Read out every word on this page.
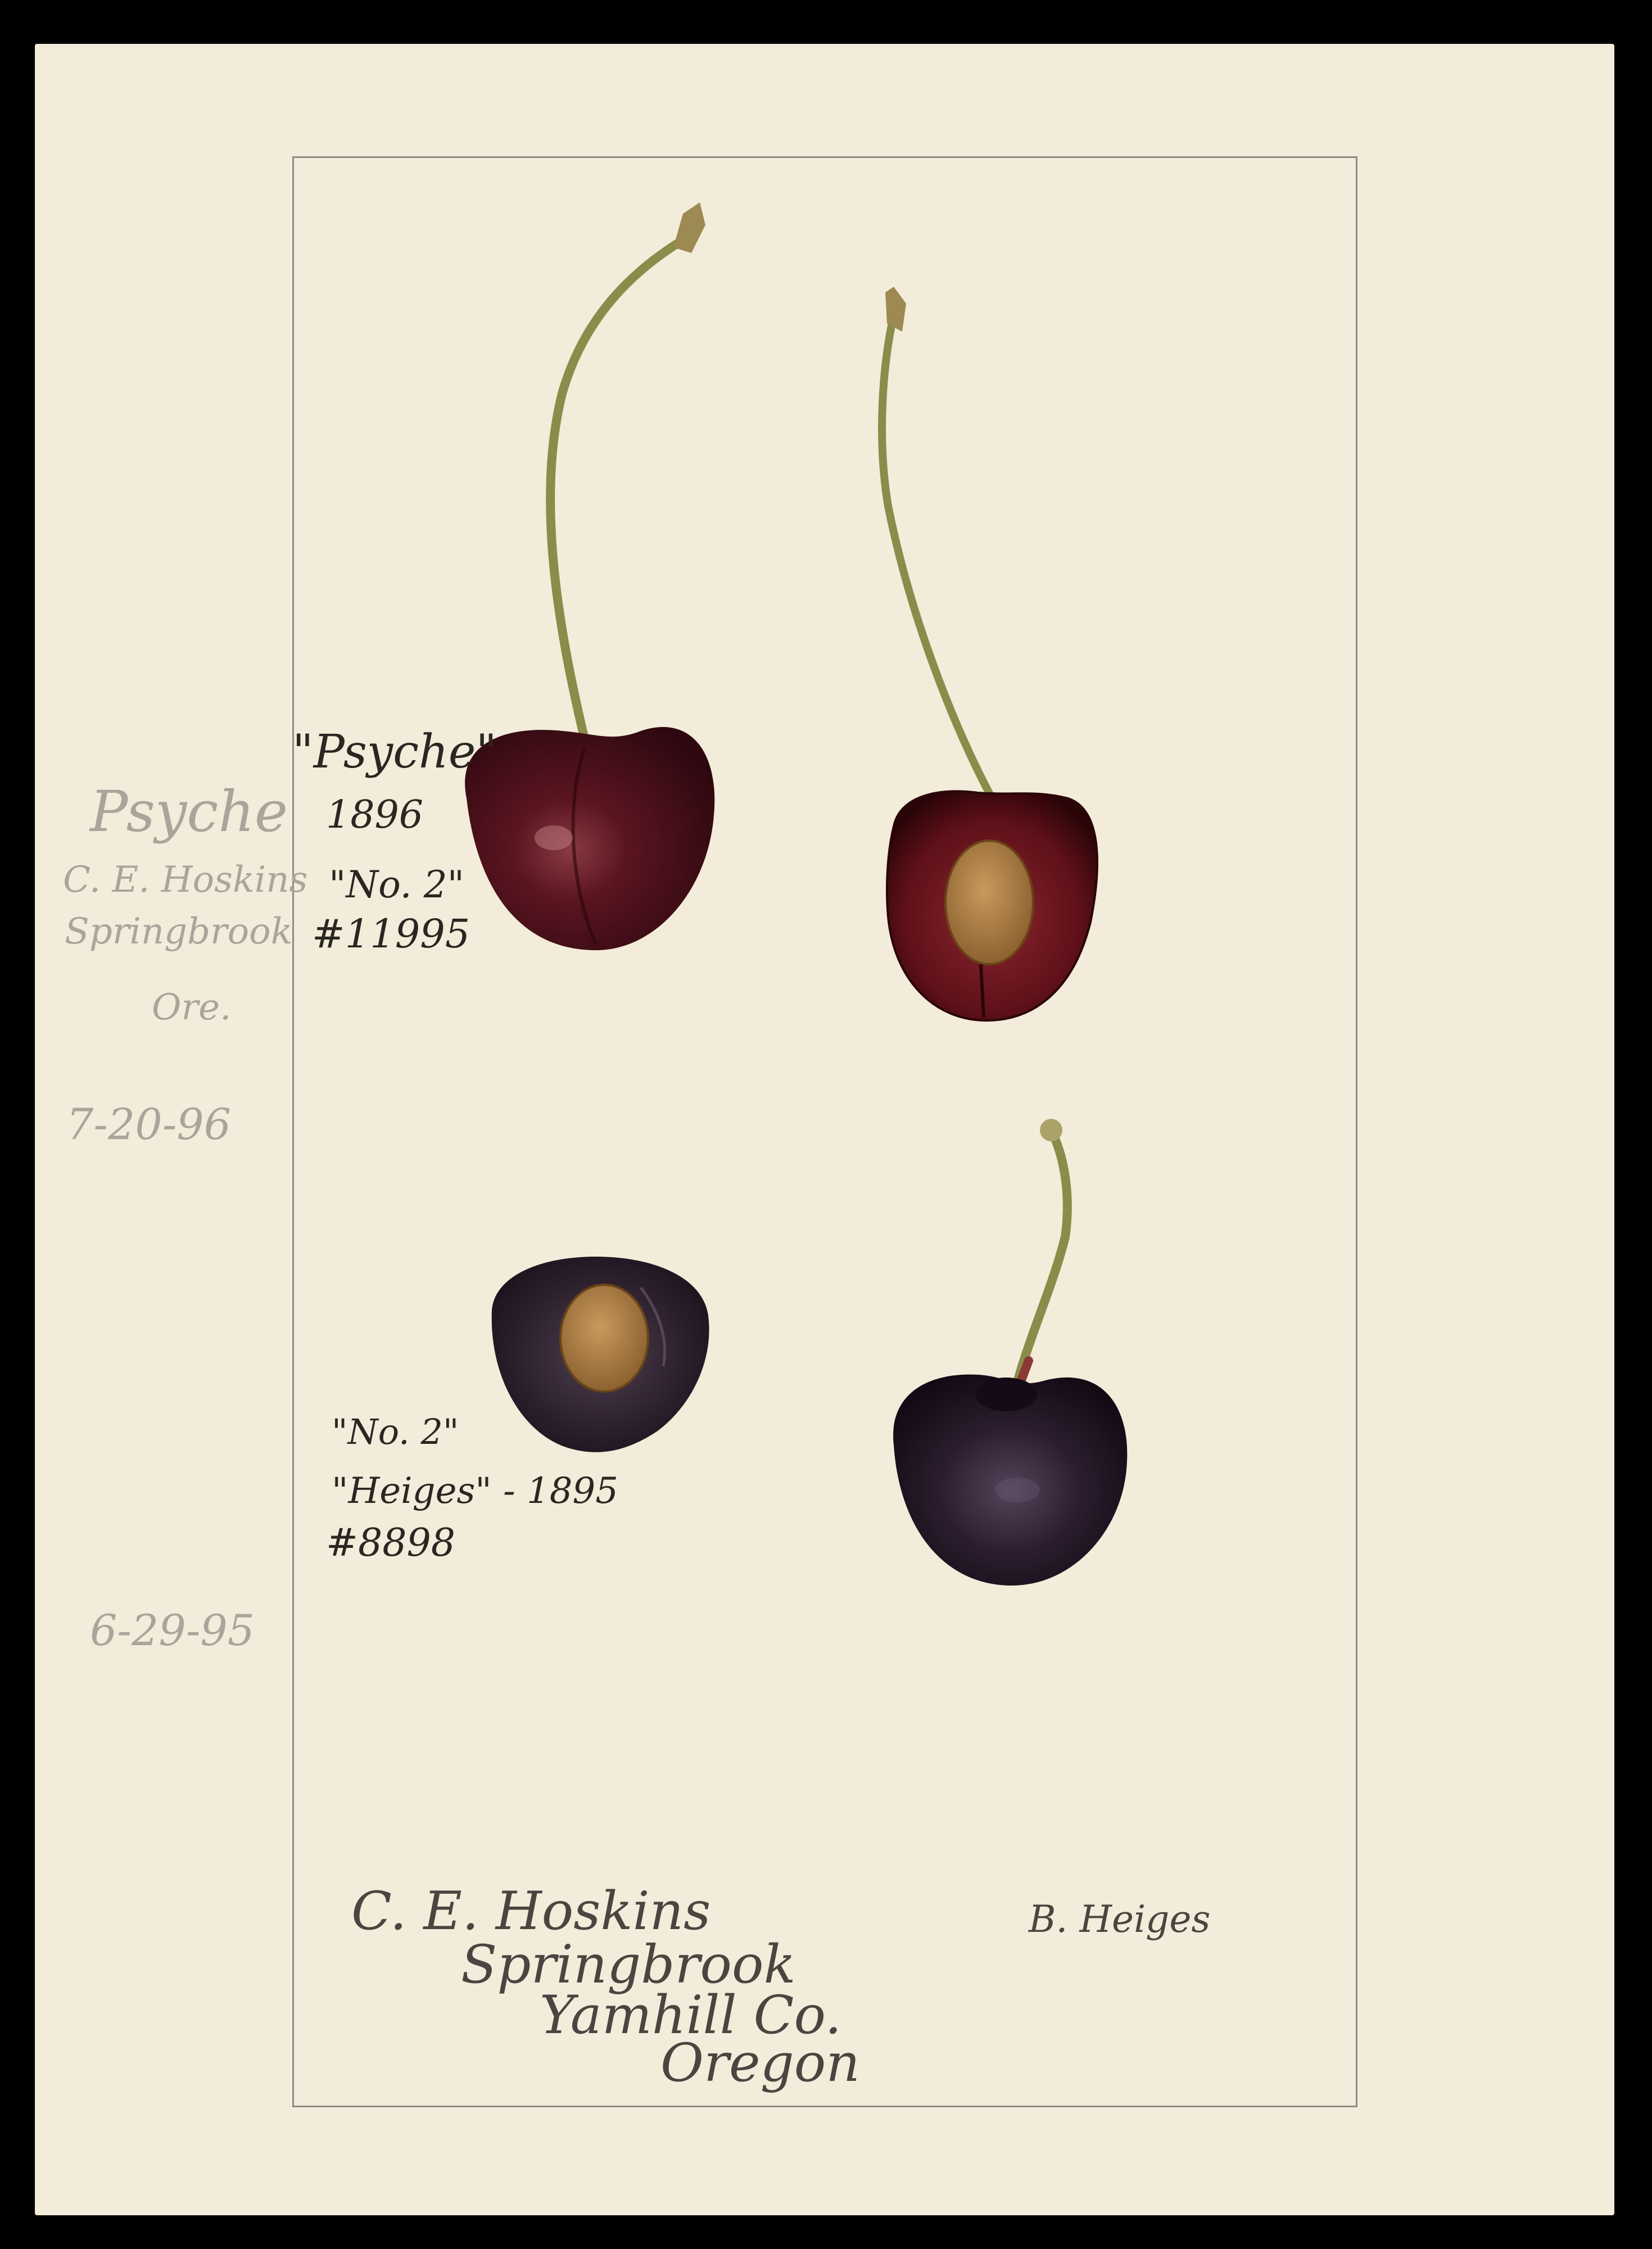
Psyche
C. E. Hoskins
Springbrook
Ore.
7-20-96
6-29-95
"Psyche"
1896
"No. 2"
#11995
"No. 2"
"Heiges" - 1895
#8898
C. E. Hoskins
Springbrook
Yamhill Co.
Oregon
B. Heiges
